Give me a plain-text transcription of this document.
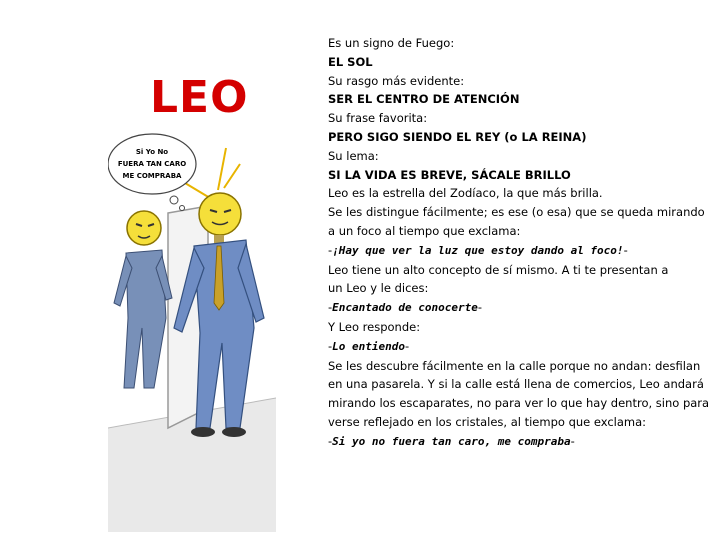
LEO
Si Yo No
FUERA TAN CARO
ME COMPRABA
Es un signo de Fuego:
EL SOL
Su rasgo más evidente:
SER EL CENTRO DE ATENCIÓN
Su frase favorita:
PERO SIGO SIENDO EL REY (o LA REINA)
Su lema:
SI LA VIDA ES BREVE, SÁCALE BRILLO
Leo es la estrella del Zodíaco, la que más brilla.
Se les distingue fácilmente; es ese (o esa) que se queda mirando
a un foco al tiempo que exclama:
-¡Hay que ver la luz que estoy dando al foco!-
Leo tiene un alto concepto de sí mismo. A ti te presentan a
un Leo y le dices:
-Encantado de conocerte-
Y Leo responde:
-Lo entiendo-
Se les descubre fácilmente en la calle porque no andan: desfilan
en una pasarela. Y si la calle está llena de comercios, Leo andará
mirando los escaparates, no para ver lo que hay dentro, sino para
verse reflejado en los cristales, al tiempo que exclama:
-Si yo no fuera tan caro, me compraba-
